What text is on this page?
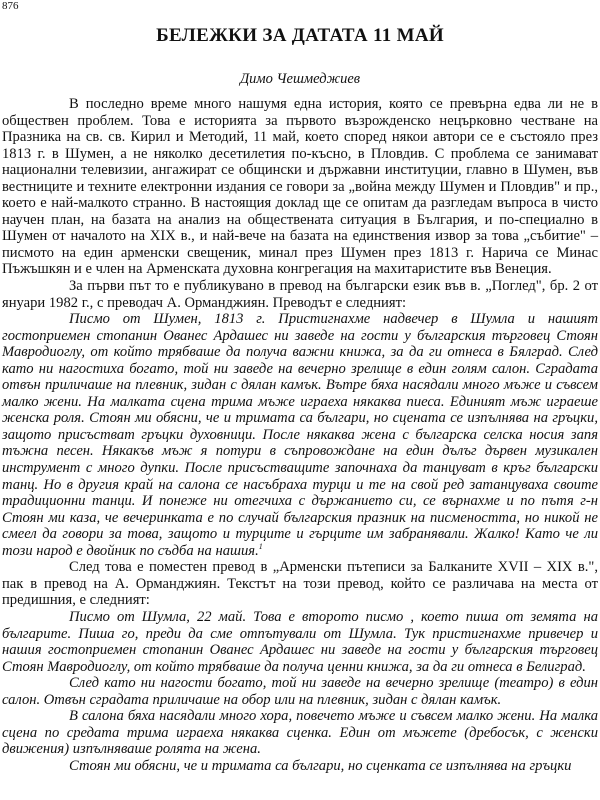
876
БЕЛЕЖКИ ЗА ДАТАТА 11 МАЙ
Димо Чешмеджиев

В последно време много нашумя една история, която се превърна едва ли не в обществен проблем. Това е историята за първото възрожденско нецърковно честване на Празника на св. св. Кирил и Методий, 11 май, което според някои автори се е състояло през 1813 г. в Шумен, а не няколко десетилетия по-късно, в Пловдив. С проблема се занимават национални телевизии, ангажират се общински и държавни институции, главно в Шумен, във вестниците и техните електронни издания се говори за „война между Шумен и Пловдив" и пр., което е най-малкото странно. В настоящия доклад ще се опитам да разгледам въпроса в чисто научен план, на базата на анализ на обществената ситуация в България, и по-специално в Шумен от началото на XIX в., и най-вече на базата на единствения извор за това „събитие" – писмото на един арменски свещеник, минал през Шумен през 1813 г. Нарича се Минас Пъжъшкян и е член на Арменската духовна конгрегация на махитаристите във Венеция.

За първи път то е публикувано в превод на български език във в. „Поглед", бр. 2 от януари 1982 г., с преводач А. Орманджиян. Преводът е следният:

Писмо от Шумен, 1813 г. Пристигнахме надвечер в Шумла и нашият гостоприемен стопанин Ованес Ардашес ни заведе на гости у българския търговец Стоян Мавродиоглу, от който трябваше да получа важни книжа, за да ги отнеса в Бялград. След като ни нагостиха богато, той ни заведе на вечерно зрелище в един голям салон. Сградата отвън приличаше на плевник, зидан с дялан камък. Вътре бяха насядали много мъже и съвсем малко жени. На малката сцена трима мъже играеха някаква пиеса. Единият мъж играеше женска роля. Стоян ми обясни, че и тримата са българи, но сцената се изпълнява на гръцки, защото присъстват гръцки духовници. После някаква жена с българска селска носия запя тъжна песен. Някакъв мъж я потури в съпровождане на един дълъг дървен музикален инструмент с много дупки. После присъстващите започнаха да танцуват в кръг български танц. Но в другия край на салона се насъбраха турци и те на свой ред затанцуваха своите традиционни танци. И понеже ни отегчиха с държанието си, се върнахме и по пътя г-н Стоян ми каза, че вечеринката е по случай българския празник на писмеността, но никой не смеел да говори за това, защото и турците и гърците им забранявали. Жалко! Като че ли този народ е двойник по съдба на нашия.$^1$

След това е поместен превод в „Арменски пътеписи за Балканите XVII – XIX в.", пак в превод на А. Орманджиян. Текстът на този превод, който се различава на места от предишния, е следният:

Писмо от Шумла, 22 май. Това е второто писмо , което пиша от земята на българите. Пиша го, преди да сме отпътували от Шумла. Тук пристигнахме привечер и нашия гостоприемен стопанин Ованес Ардашес ни заведе на гости у българския търговец Стоян Мавродиоглу, от който трябваше да получа ценни книжа, за да ги отнеса в Белиград.

След като ни нагости богато, той ни заведе на вечерно зрелище (театро) в един салон. Отвън сградата приличаше на обор или на плевник, зидан с дялан камък.

В салона бяха насядали много хора, повечето мъже и съвсем малко жени. На малка сцена по средата трима играеха някаква сценка. Един от мъжете (дребосък, с женски движения) изпълняваше ролята на жена.

Стоян ми обясни, че и тримата са българи, но сценката се изпълнява на гръцки
